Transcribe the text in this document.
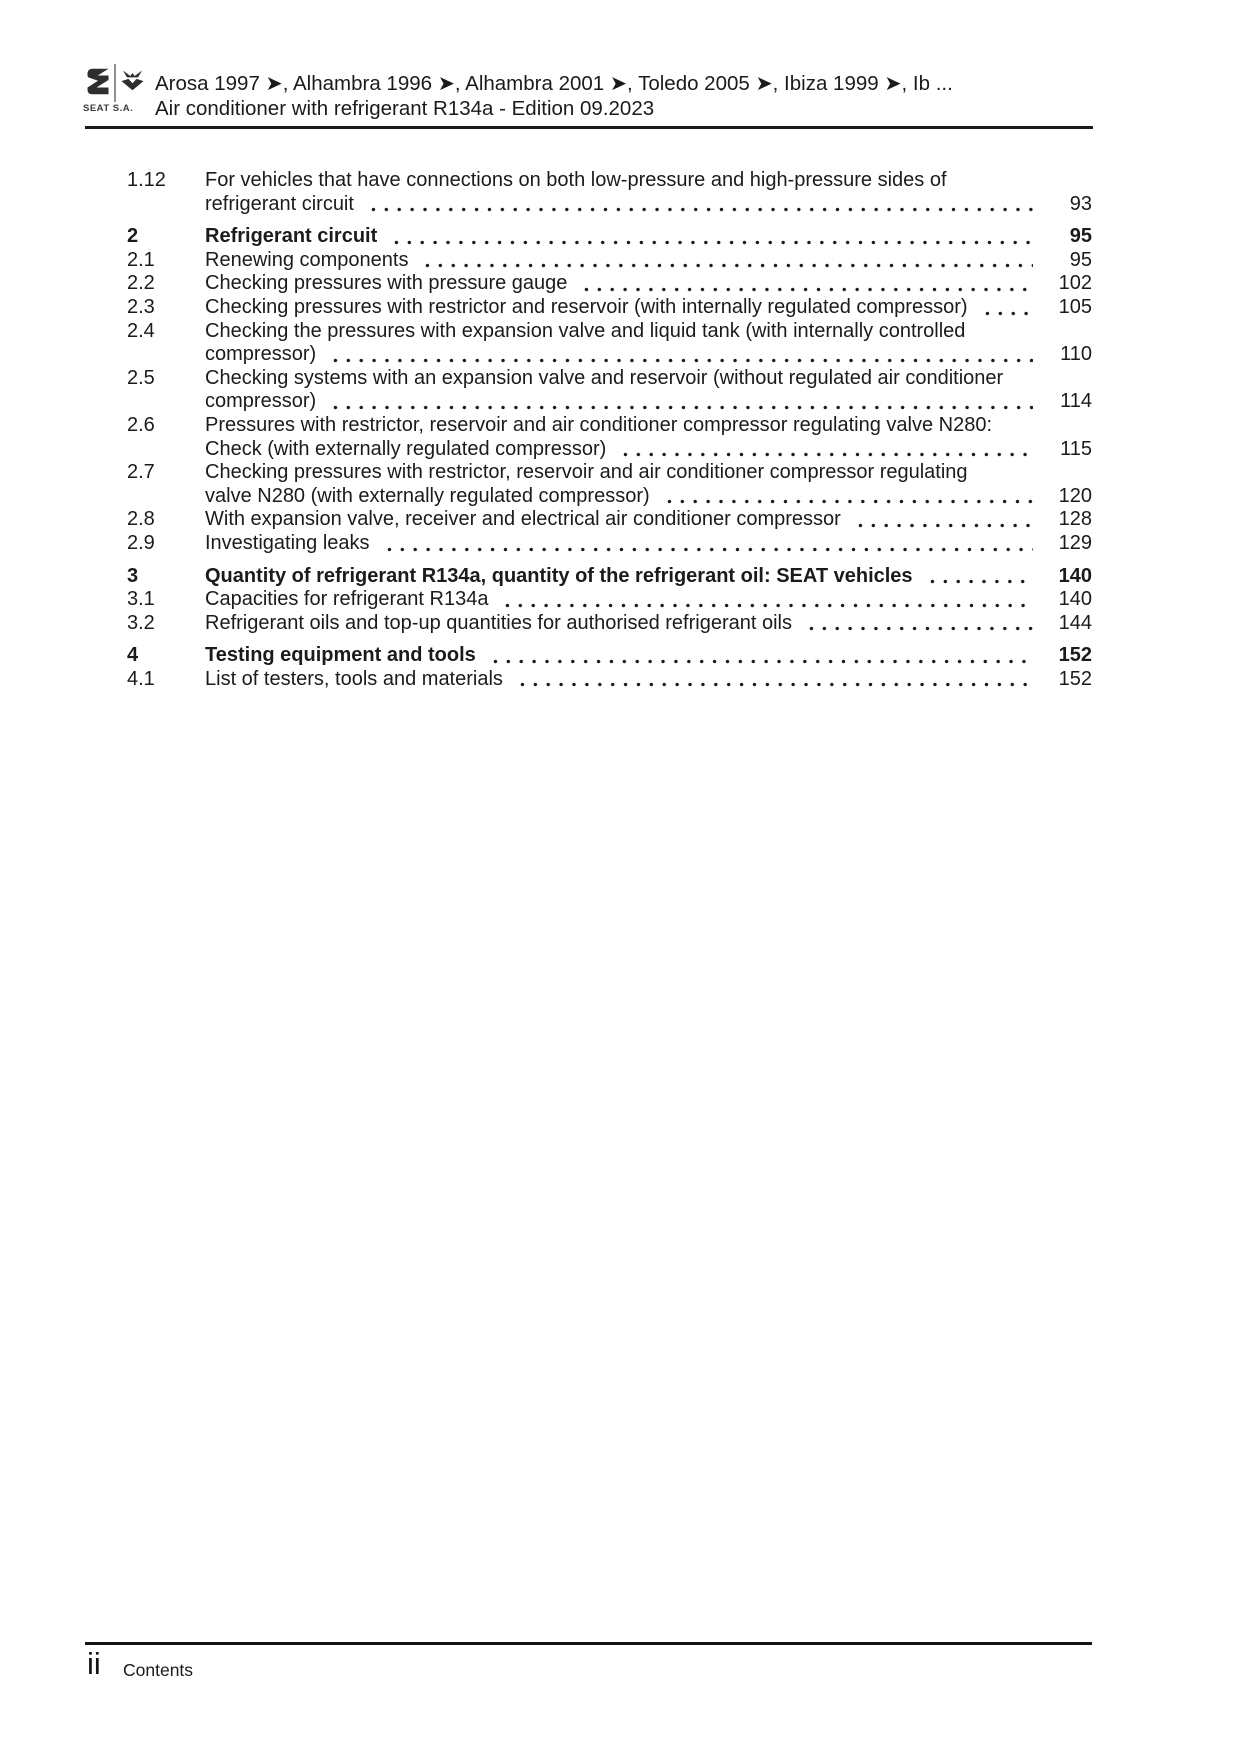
SEAT S.A.
Arosa 1997 ➤, Alhambra 1996 ➤, Alhambra 2001 ➤, Toledo 2005 ➤, Ibiza 1999 ➤, Ib ...
Air conditioner with refrigerant R134a - Edition 09.2023
1.12	For vehicles that have connections on both low-pressure and high-pressure sides of
refrigerant circuit	93
2	Refrigerant circuit	95
2.1	Renewing components	95
2.2	Checking pressures with pressure gauge	102
2.3	Checking pressures with restrictor and reservoir (with internally regulated compressor)	105
2.4	Checking the pressures with expansion valve and liquid tank (with internally controlled
compressor)	110
2.5	Checking systems with an expansion valve and reservoir (without regulated air conditioner
compressor)	114
2.6	Pressures with restrictor, reservoir and air conditioner compressor regulating valve N280:
Check (with externally regulated compressor)	115
2.7	Checking pressures with restrictor, reservoir and air conditioner compressor regulating
valve N280 (with externally regulated compressor)	120
2.8	With expansion valve, receiver and electrical air conditioner compressor	128
2.9	Investigating leaks	129
3	Quantity of refrigerant R134a, quantity of the refrigerant oil: SEAT vehicles	140
3.1	Capacities for refrigerant R134a	140
3.2	Refrigerant oils and top-up quantities for authorised refrigerant oils	144
4	Testing equipment and tools	152
4.1	List of testers, tools and materials	152
ii Contents
